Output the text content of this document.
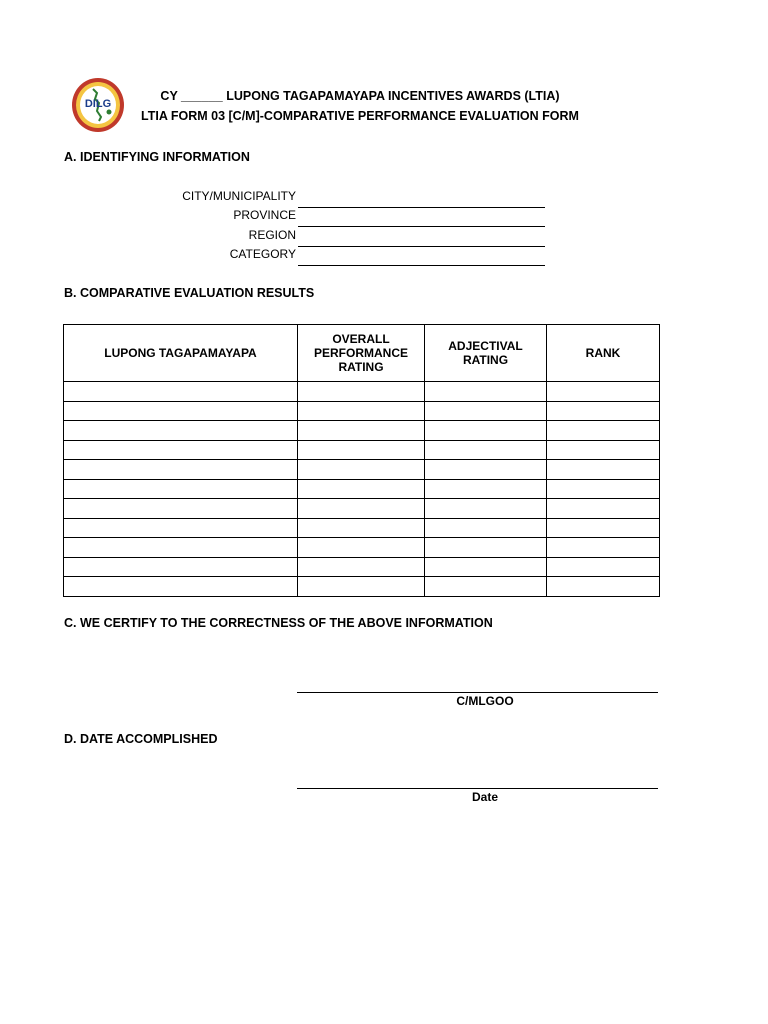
DILG
CY ______ LUPONG TAGAPAMAYAPA INCENTIVES AWARDS (LTIA)
LTIA FORM 03 [C/M]-COMPARATIVE PERFORMANCE EVALUATION FORM
A. IDENTIFYING INFORMATION
CITY/MUNICIPALITY
PROVINCE
REGION
CATEGORY
B. COMPARATIVE EVALUATION RESULTS
LUPONG TAGAPAMAYAPA	OVERALL PERFORMANCE RATING	ADJECTIVAL RATING	RANK

C. WE CERTIFY TO THE CORRECTNESS OF THE ABOVE INFORMATION
C/MLGOO
D. DATE ACCOMPLISHED
Date
